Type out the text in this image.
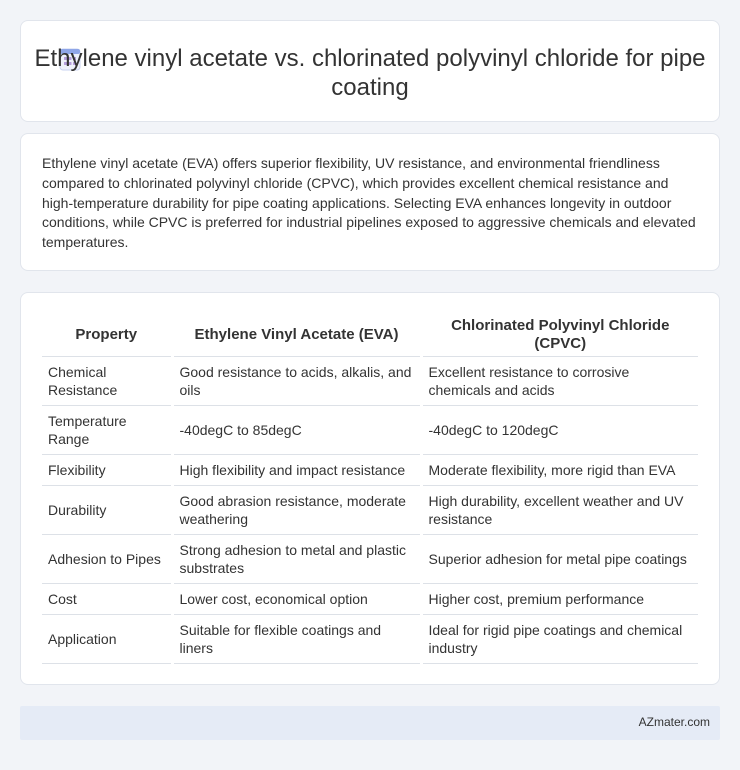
Ethylene vinyl acetate vs. chlorinated polyvinyl chloride for pipe coating

Ethylene vinyl acetate (EVA) offers superior flexibility, UV resistance, and environmental friendliness compared to chlorinated polyvinyl chloride (CPVC), which provides excellent chemical resistance and high-temperature durability for pipe coating applications. Selecting EVA enhances longevity in outdoor conditions, while CPVC is preferred for industrial pipelines exposed to aggressive chemicals and elevated temperatures.

Property	Ethylene Vinyl Acetate (EVA)	Chlorinated Polyvinyl Chloride (CPVC)
Chemical Resistance	Good resistance to acids, alkalis, and oils	Excellent resistance to corrosive chemicals and acids
Temperature Range	-40degC to 85degC	-40degC to 120degC
Flexibility	High flexibility and impact resistance	Moderate flexibility, more rigid than EVA
Durability	Good abrasion resistance, moderate weathering	High durability, excellent weather and UV resistance
Adhesion to Pipes	Strong adhesion to metal and plastic substrates	Superior adhesion for metal pipe coatings
Cost	Lower cost, economical option	Higher cost, premium performance
Application	Suitable for flexible coatings and liners	Ideal for rigid pipe coatings and chemical industry
AZmater.com
